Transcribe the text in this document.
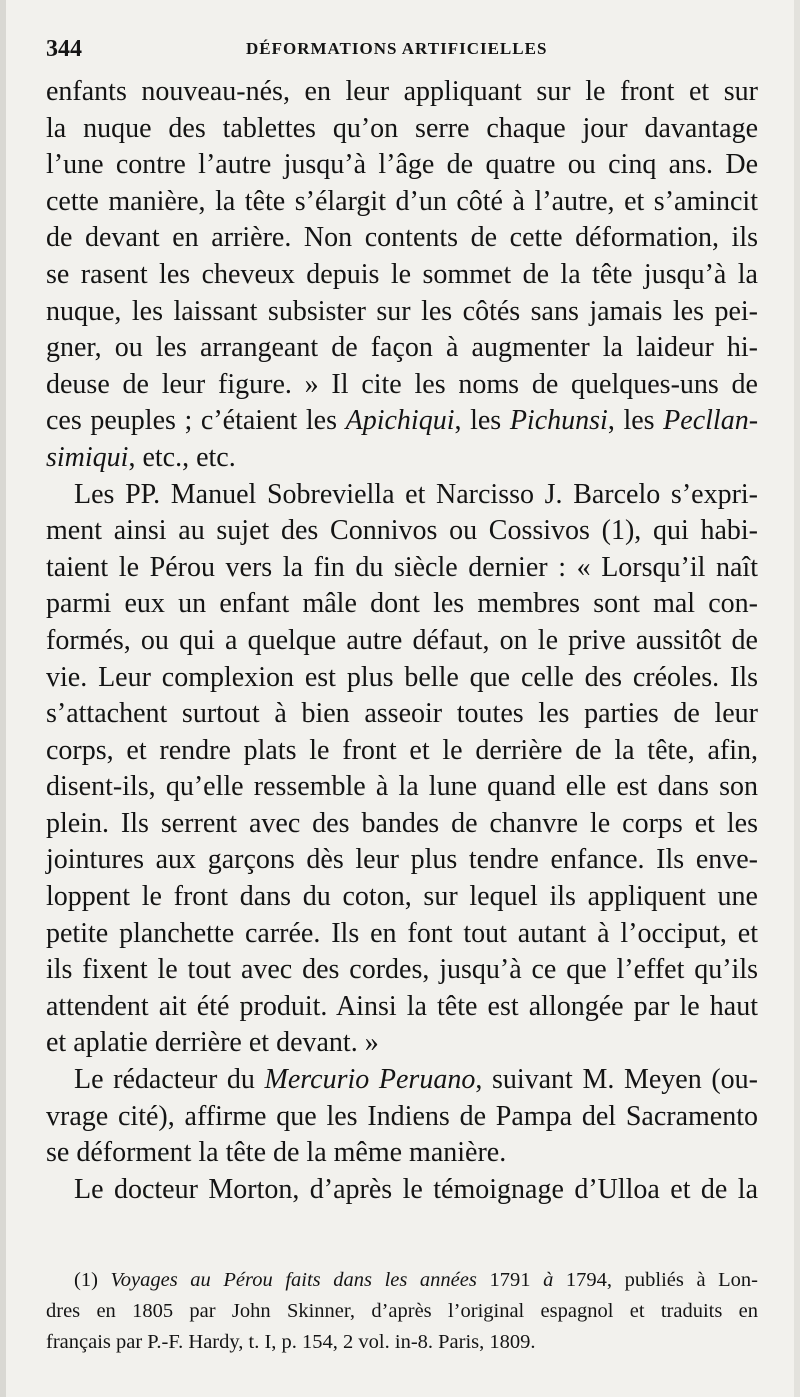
344	DÉFORMATIONS ARTIFICIELLES
enfants nouveau-nés, en leur appliquant sur le front et sur
la nuque des tablettes qu’on serre chaque jour davantage
l’une contre l’autre jusqu’à l’âge de quatre ou cinq ans. De
cette manière, la tête s’élargit d’un côté à l’autre, et s’amincit
de devant en arrière. Non contents de cette déformation, ils
se rasent les cheveux depuis le sommet de la tête jusqu’à la
nuque, les laissant subsister sur les côtés sans jamais les pei-
gner, ou les arrangeant de façon à augmenter la laideur hi-
deuse de leur figure. » Il cite les noms de quelques-uns de
ces peuples ; c’étaient les Apichiqui, les Pichunsi, les Pecllan-
simiqui, etc., etc.
Les PP. Manuel Sobreviella et Narcisso J. Barcelo s’expri-
ment ainsi au sujet des Connivos ou Cossivos (1), qui habi-
taient le Pérou vers la fin du siècle dernier : « Lorsqu’il naît
parmi eux un enfant mâle dont les membres sont mal con-
formés, ou qui a quelque autre défaut, on le prive aussitôt de
vie. Leur complexion est plus belle que celle des créoles. Ils
s’attachent surtout à bien asseoir toutes les parties de leur
corps, et rendre plats le front et le derrière de la tête, afin,
disent-ils, qu’elle ressemble à la lune quand elle est dans son
plein. Ils serrent avec des bandes de chanvre le corps et les
jointures aux garçons dès leur plus tendre enfance. Ils enve-
loppent le front dans du coton, sur lequel ils appliquent une
petite planchette carrée. Ils en font tout autant à l’occiput, et
ils fixent le tout avec des cordes, jusqu’à ce que l’effet qu’ils
attendent ait été produit. Ainsi la tête est allongée par le haut
et aplatie derrière et devant. »
Le rédacteur du Mercurio Peruano, suivant M. Meyen (ou-
vrage cité), affirme que les Indiens de Pampa del Sacramento
se déforment la tête de la même manière.
Le docteur Morton, d’après le témoignage d’Ulloa et de la
(1) Voyages au Pérou faits dans les années 1791 à 1794, publiés à Lon-
dres en 1805 par John Skinner, d’après l’original espagnol et traduits en
français par P.-F. Hardy, t. I, p. 154, 2 vol. in-8. Paris, 1809.
